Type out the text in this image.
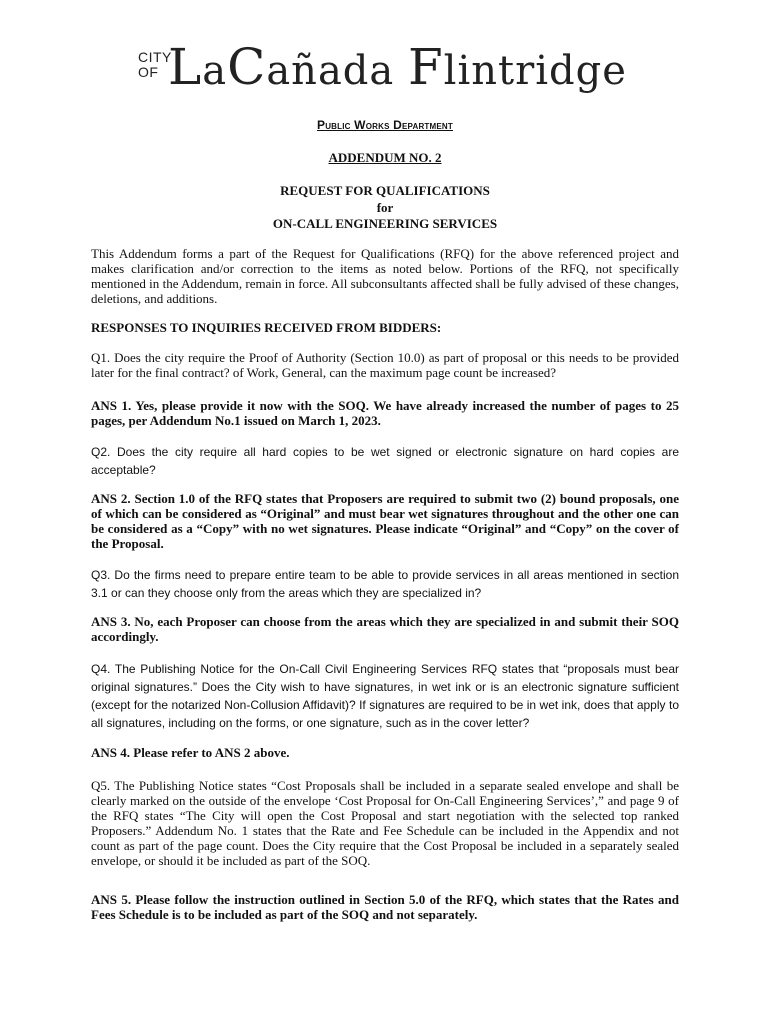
CITY
OF LaCañada Flintridge
Public Works Department
ADDENDUM NO. 2
REQUEST FOR QUALIFICATIONS
for
ON-CALL ENGINEERING SERVICES

This Addendum forms a part of the Request for Qualifications (RFQ) for the above referenced project and makes clarification and/or correction to the items as noted below. Portions of the RFQ, not specifically mentioned in the Addendum, remain in force. All subconsultants affected shall be fully advised of these changes, deletions, and additions.

RESPONSES TO INQUIRIES RECEIVED FROM BIDDERS:

Q1. Does the city require the Proof of Authority (Section 10.0) as part of proposal or this needs to be provided later for the final contract? of Work, General, can the maximum page count be increased?

ANS 1. Yes, please provide it now with the SOQ. We have already increased the number of pages to 25 pages, per Addendum No.1 issued on March 1, 2023.

Q2. Does the city require all hard copies to be wet signed or electronic signature on hard copies are acceptable?

ANS 2. Section 1.0 of the RFQ states that Proposers are required to submit two (2) bound proposals, one of which can be considered as “Original” and must bear wet signatures throughout and the other one can be considered as a “Copy” with no wet signatures. Please indicate “Original” and “Copy” on the cover of the Proposal.

Q3. Do the firms need to prepare entire team to be able to provide services in all areas mentioned in section 3.1 or can they choose only from the areas which they are specialized in?

ANS 3. No, each Proposer can choose from the areas which they are specialized in and submit their SOQ accordingly.

Q4. The Publishing Notice for the On-Call Civil Engineering Services RFQ states that “proposals must bear original signatures.” Does the City wish to have signatures, in wet ink or is an electronic signature sufficient (except for the notarized Non-Collusion Affidavit)? If signatures are required to be in wet ink, does that apply to all signatures, including on the forms, or one signature, such as in the cover letter?

ANS 4. Please refer to ANS 2 above.

Q5. The Publishing Notice states “Cost Proposals shall be included in a separate sealed envelope and shall be clearly marked on the outside of the envelope ‘Cost Proposal for On-Call Engineering Services’,” and page 9 of the RFQ states “The City will open the Cost Proposal and start negotiation with the selected top ranked Proposers.” Addendum No. 1 states that the Rate and Fee Schedule can be included in the Appendix and not count as part of the page count. Does the City require that the Cost Proposal be included in a separately sealed envelope, or should it be included as part of the SOQ.

ANS 5. Please follow the instruction outlined in Section 5.0 of the RFQ, which states that the Rates and Fees Schedule is to be included as part of the SOQ and not separately.
